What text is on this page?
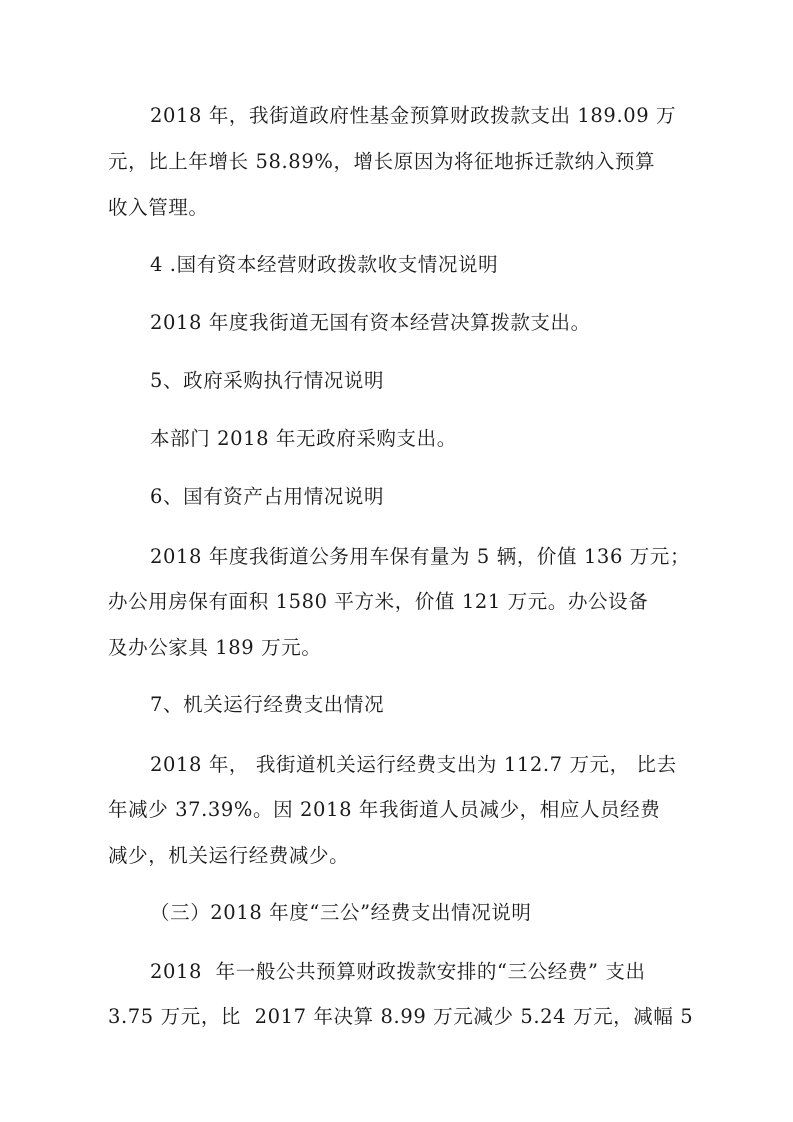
2018 年，我街道政府性基金预算财政拨款支出 189.09 万
元，比上年增长 58.89%，增长原因为将征地拆迁款纳入预算
收入管理。
4 .国有资本经营财政拨款收支情况说明
2018 年度我街道无国有资本经营决算拨款支出。
5、政府采购执行情况说明
本部门 2018 年无政府采购支出。
6、国有资产占用情况说明
2018 年度我街道公务用车保有量为 5 辆，价值 136 万元；
办公用房保有面积 1580 平方米，价值 121 万元。办公设备
及办公家具 189 万元。
7、机关运行经费支出情况
2018 年， 我街道机关运行经费支出为 112.7 万元， 比去
年减少 37.39%。因 2018 年我街道人员减少，相应人员经费
减少，机关运行经费减少。
（三）2018 年度“三公”经费支出情况说明
2018  年一般公共预算财政拨款安排的“三公经费” 支出
3.75 万元，比  2017 年决算 8.99 万元减少 5.24 万元，减幅 5
